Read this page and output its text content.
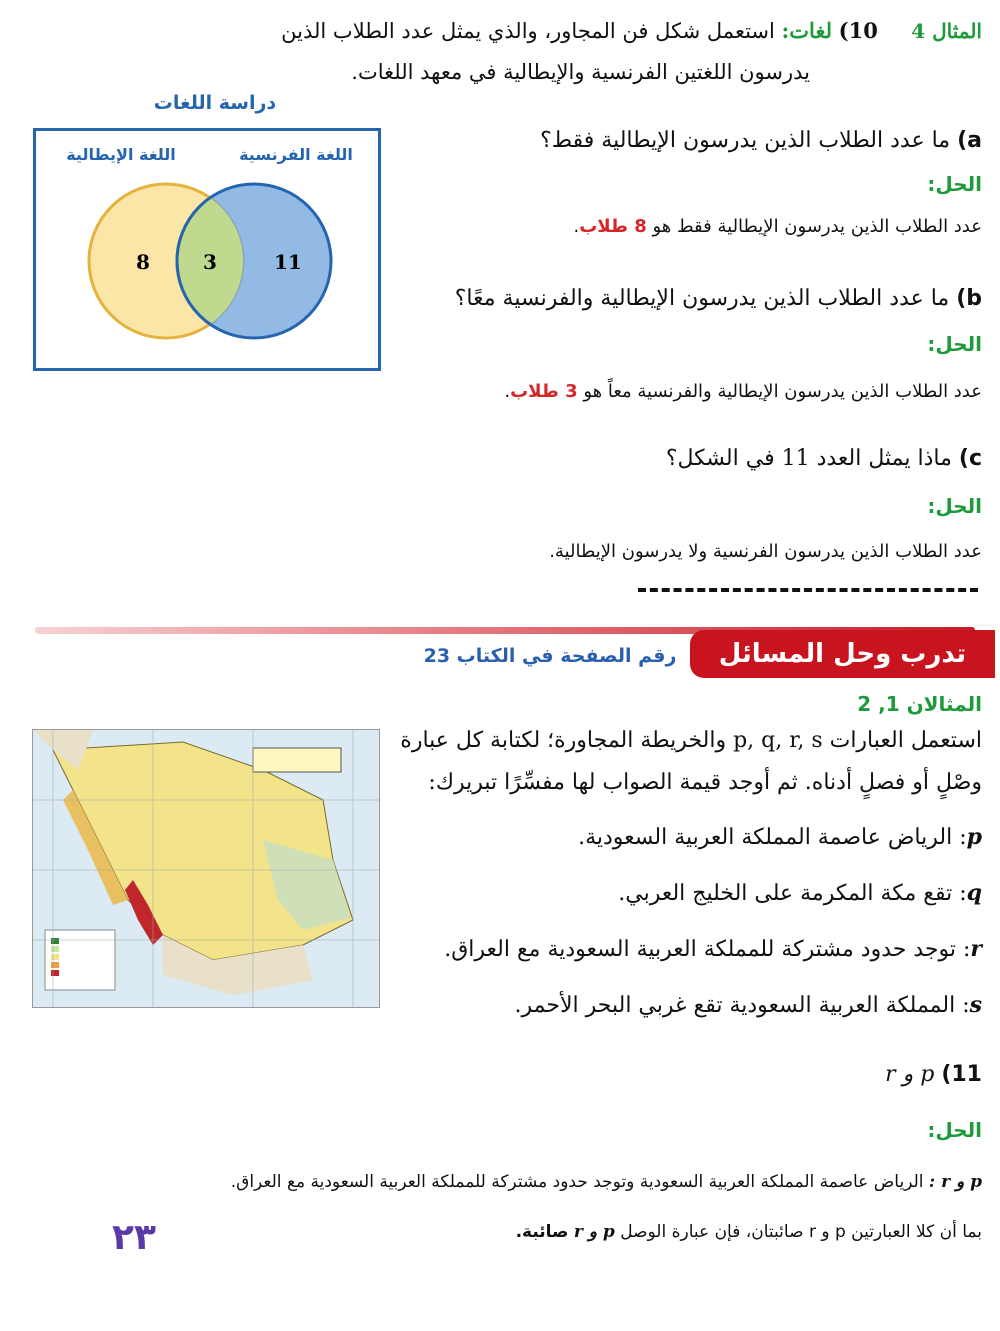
المثال 4     10) لغات: استعمل شكل فن المجاور، والذي يمثل عدد الطلاب الذين
يدرسون اللغتين الفرنسية والإيطالية في معهد اللغات.
دراسة اللغات
8	3	11
اللغة الإيطالية	اللغة الفرنسية
a) ما عدد الطلاب الذين يدرسون الإيطالية فقط؟
الحل:
عدد الطلاب الذين يدرسون الإيطالية فقط هو 8 طلاب.
b) ما عدد الطلاب الذين يدرسون الإيطالية والفرنسية معًا؟
الحل:
عدد الطلاب الذين يدرسون الإيطالية والفرنسية معاً هو 3 طلاب.
c) ماذا يمثل العدد 11 في الشكل؟
الحل:
عدد الطلاب الذين يدرسون الفرنسية ولا يدرسون الإيطالية.
تدرب وحل المسائل
رقم الصفحة في الكتاب 23
المثالان 1, 2
استعمل العبارات p, q, r, s والخريطة المجاورة؛ لكتابة كل عبارة
وصْلٍ أو فصلٍ أدناه. ثم أوجد قيمة الصواب لها مفسِّرًا تبريرك:
p: الرياض عاصمة المملكة العربية السعودية.
q: تقع مكة المكرمة على الخليج العربي.
r: توجد حدود مشتركة للمملكة العربية السعودية مع العراق.
s: المملكة العربية السعودية تقع غربي البحر الأحمر.
11) p و r
الحل:
p و r : الرياض عاصمة المملكة العربية السعودية وتوجد حدود مشتركة للمملكة العربية السعودية مع العراق.
بما أن كلا العبارتين p و r صائبتان، فإن عبارة الوصل p و r صائبة.
٢٣
